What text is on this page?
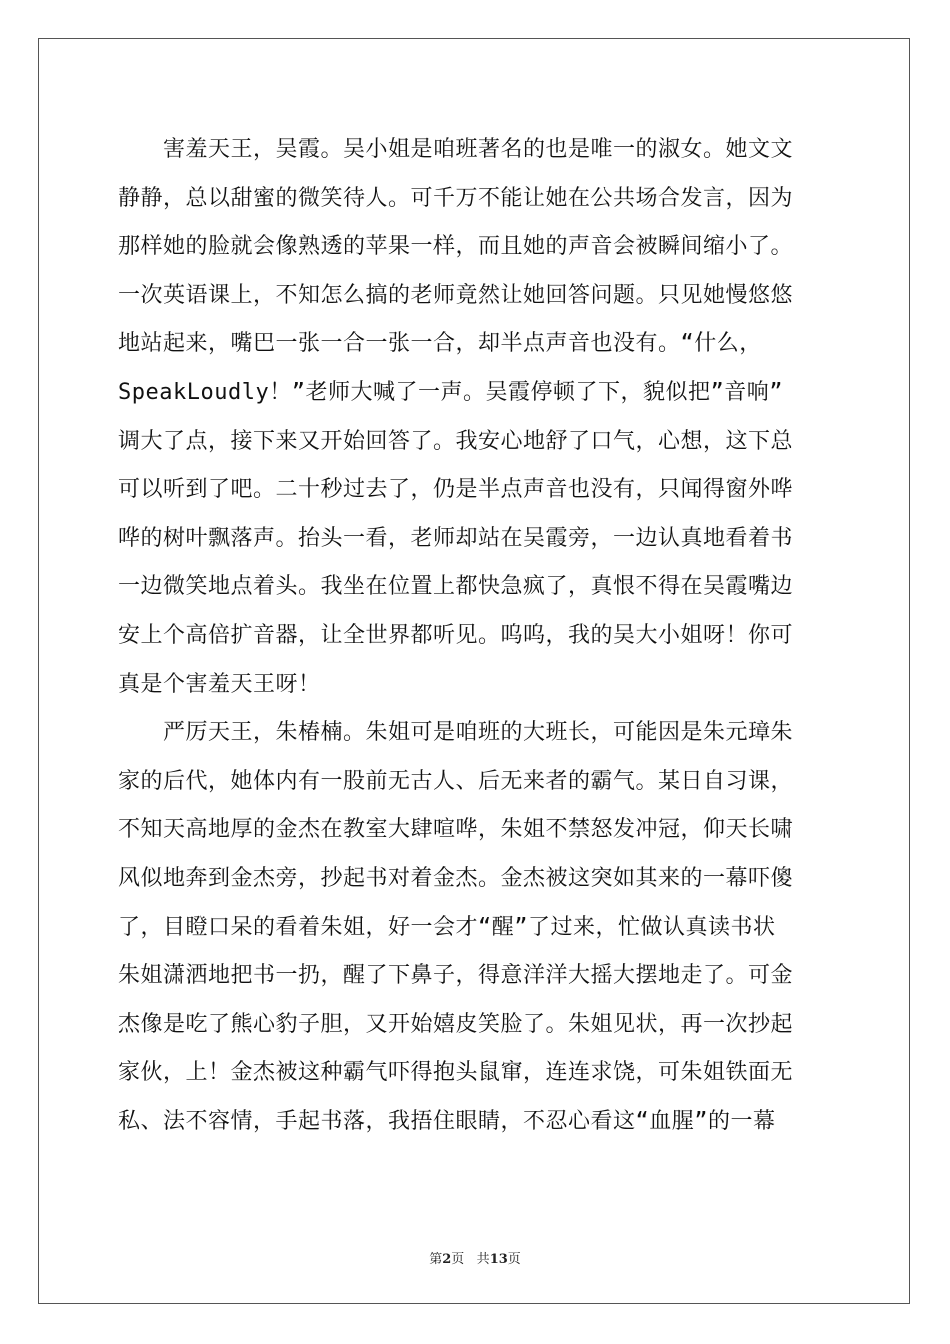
　　害羞天王，吴霞。吴小姐是咱班著名的也是唯一的淑女。她文文
静静，总以甜蜜的微笑待人。可千万不能让她在公共场合发言，因为
那样她的脸就会像熟透的苹果一样，而且她的声音会被瞬间缩小了。
一次英语课上，不知怎么搞的老师竟然让她回答问题。只见她慢悠悠
地站起来，嘴巴一张一合一张一合，却半点声音也没有。“什么，
SpeakLoudly！”老师大喊了一声。吴霞停顿了下，貌似把”音响”
调大了点，接下来又开始回答了。我安心地舒了口气，心想，这下总
可以听到了吧。二十秒过去了，仍是半点声音也没有，只闻得窗外哗
哗的树叶飘落声。抬头一看，老师却站在吴霞旁，一边认真地看着书
一边微笑地点着头。我坐在位置上都快急疯了，真恨不得在吴霞嘴边
安上个高倍扩音器，让全世界都听见。呜呜，我的吴大小姐呀！你可
真是个害羞天王呀！
　　严厉天王，朱椿楠。朱姐可是咱班的大班长，可能因是朱元璋朱
家的后代，她体内有一股前无古人、后无来者的霸气。某日自习课，
不知天高地厚的金杰在教室大肆喧哗，朱姐不禁怒发冲冠，仰天长啸
风似地奔到金杰旁，抄起书对着金杰。金杰被这突如其来的一幕吓傻
了，目瞪口呆的看着朱姐，好一会才“醒”了过来，忙做认真读书状
朱姐潇洒地把书一扔，醒了下鼻子，得意洋洋大摇大摆地走了。可金
杰像是吃了熊心豹子胆，又开始嬉皮笑脸了。朱姐见状，再一次抄起
家伙，上！金杰被这种霸气吓得抱头鼠窜，连连求饶，可朱姐铁面无
私、法不容情，手起书落，我捂住眼睛，不忍心看这“血腥”的一幕
第2页 共13页
